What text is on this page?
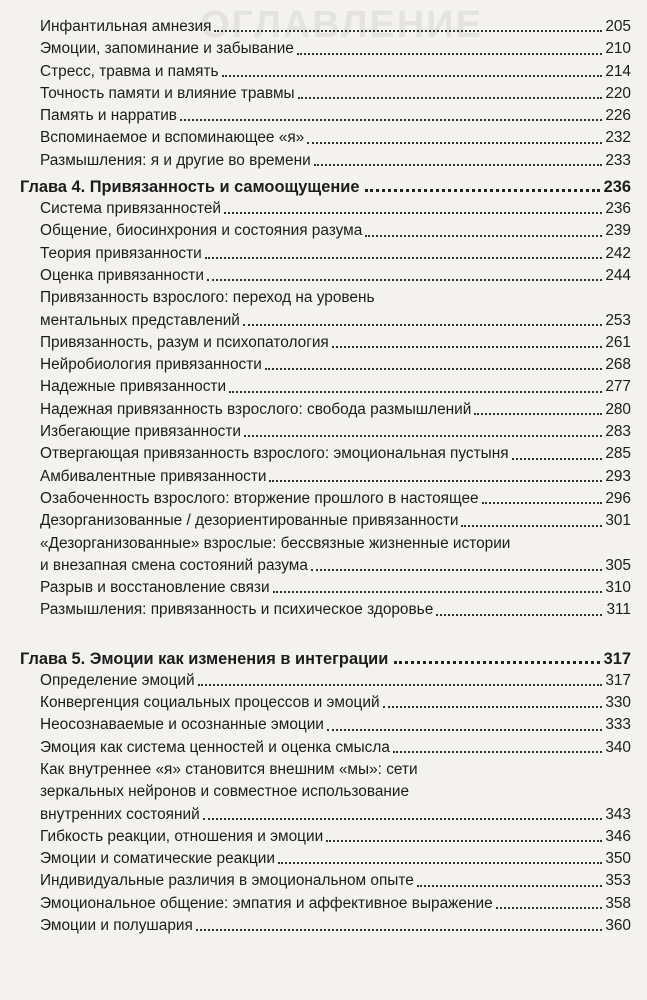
ОГЛАВЛЕНИЕ
Инфантильная амнезия	205
Эмоции, запоминание и забывание	210
Стресс, травма и память	214
Точность памяти и влияние травмы	220
Память и нарратив	226
Вспоминаемое и вспоминающее «я»	232
Размышления: я и другие во времени	233
Глава 4. Привязанность и самоощущение	236
Система привязанностей	236
Общение, биосинхрония и состояния разума	239
Теория привязанности	242
Оценка привязанности	244
Привязанность взрослого: переход на уровень
ментальных представлений	253
Привязанность, разум и психопатология	261
Нейробиология привязанности	268
Надежные привязанности	277
Надежная привязанность взрослого: свобода размышлений	280
Избегающие привязанности	283
Отвергающая привязанность взрослого: эмоциональная пустыня	285
Амбивалентные привязанности	293
Озабоченность взрослого: вторжение прошлого в настоящее	296
Дезорганизованные / дезориентированные привязанности	301
«Дезорганизованные» взрослые: бессвязные жизненные истории
и внезапная смена состояний разума	305
Разрыв и восстановление связи	310
Размышления: привязанность и психическое здоровье	311
Глава 5. Эмоции как изменения в интеграции	317
Определение эмоций	317
Конвергенция социальных процессов и эмоций	330
Неосознаваемые и осознанные эмоции	333
Эмоция как система ценностей и оценка смысла	340
Как внутреннее «я» становится внешним «мы»: сети
зеркальных нейронов и совместное использование
внутренних состояний	343
Гибкость реакции, отношения и эмоции	346
Эмоции и соматические реакции	350
Индивидуальные различия в эмоциональном опыте	353
Эмоциональное общение: эмпатия и аффективное выражение	358
Эмоции и полушария	360
